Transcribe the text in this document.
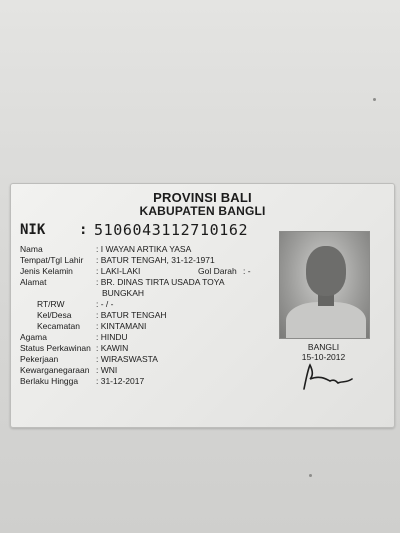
PROVINSI BALI
KABUPATEN BANGLI
NIK : 5106043112710162
Nama	: I WAYAN ARTIKA YASA
Tempat/Tgl Lahir : BATUR TENGAH, 31-12-1971
Jenis Kelamin	: LAKI-LAKI	Gol Darah : -
Alamat	: BR. DINAS TIRTA USADA TOYA
BUNGKAH
RT/RW	: - / -
Kel/Desa	: BATUR TENGAH
Kecamatan : KINTAMANI
Agama	: HINDU
Status Perkawinan : KAWIN
Pekerjaan	: WIRASWASTA
Kewarganegaraan : WNI
Berlaku Hingga : 31-12-2017
BANGLI
15-10-2012
